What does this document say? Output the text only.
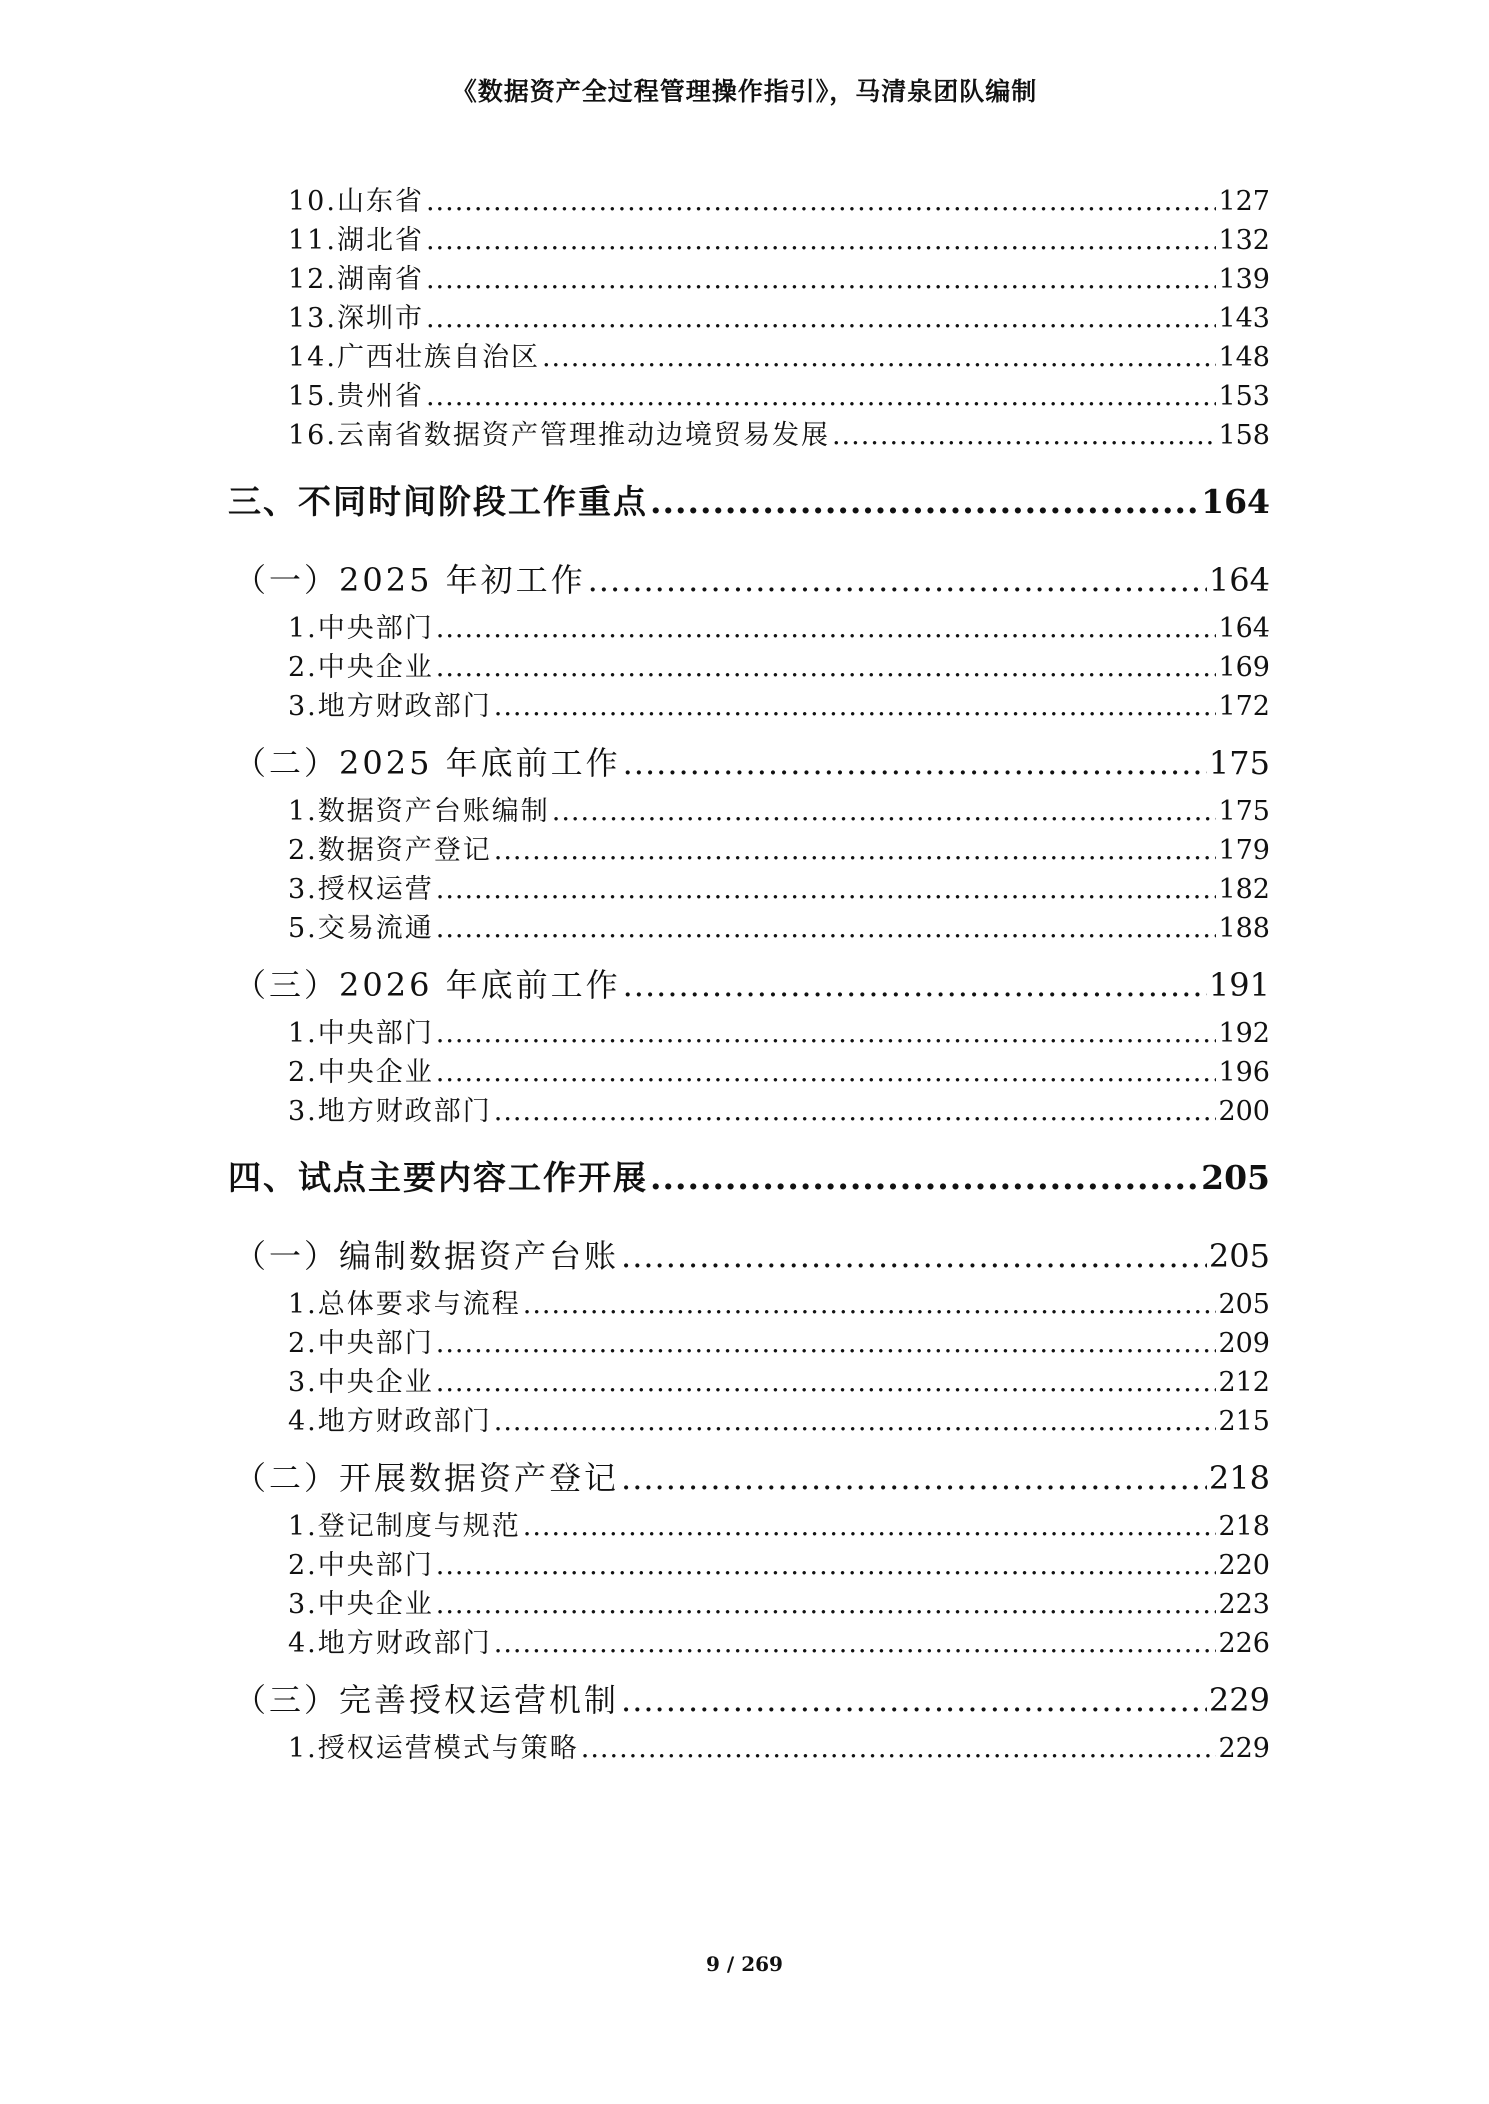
《数据资产全过程管理操作指引》，马清泉团队编制
10.山东省 .....	127
11.湖北省 .....	132
12.湖南省 .....	139
13.深圳市 .....	143
14.广西壮族自治区 .....	148
15.贵州省 .....	153
16.云南省数据资产管理推动边境贸易发展 .....	158
三、不同时间阶段工作重点 .....	164
（一）2025 年初工作 .....	164
1.中央部门 .....	164
2.中央企业 .....	169
3.地方财政部门 .....	172
（二）2025 年底前工作 .....	175
1.数据资产台账编制 .....	175
2.数据资产登记 .....	179
3.授权运营 .....	182
5.交易流通 .....	188
（三）2026 年底前工作 .....	191
1.中央部门 .....	192
2.中央企业 .....	196
3.地方财政部门 .....	200
四、试点主要内容工作开展 .....	205
（一）编制数据资产台账 .....	205
1.总体要求与流程 .....	205
2.中央部门 .....	209
3.中央企业 .....	212
4.地方财政部门 .....	215
（二）开展数据资产登记 .....	218
1.登记制度与规范 .....	218
2.中央部门 .....	220
3.中央企业 .....	223
4.地方财政部门 .....	226
（三）完善授权运营机制 .....	229
1.授权运营模式与策略 .....	229
9 / 269
